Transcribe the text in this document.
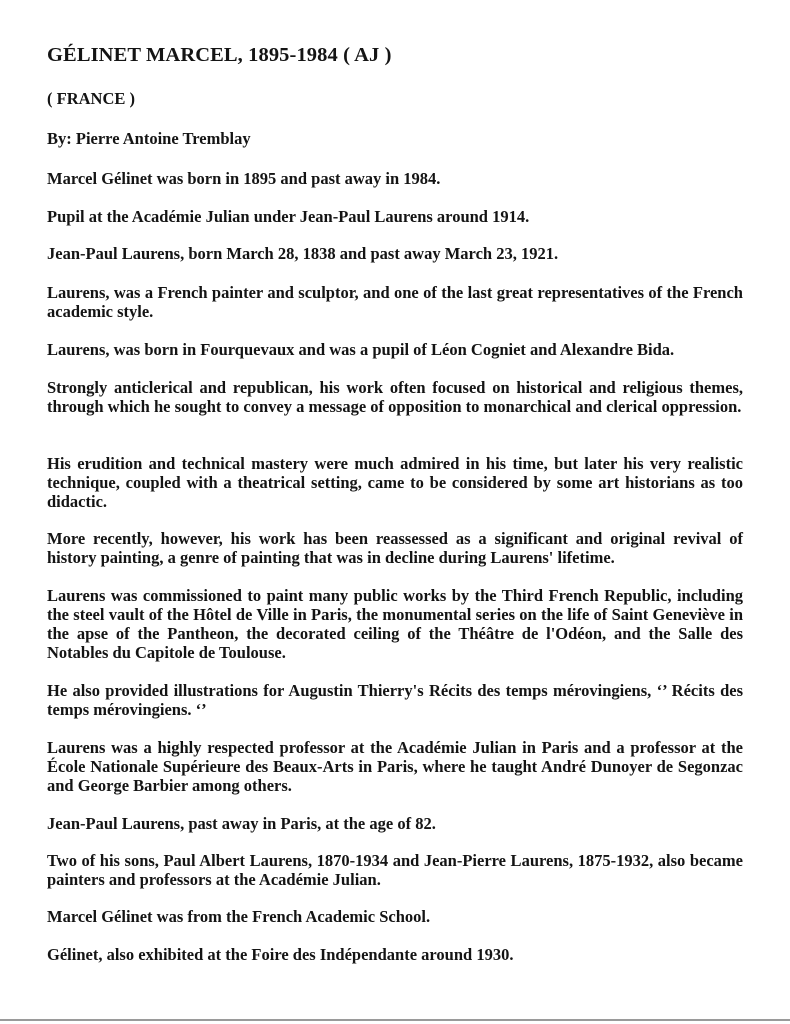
GÉLINET MARCEL, 1895-1984 ( AJ )
( FRANCE )
By: Pierre Antoine Tremblay

Marcel Gélinet was born in 1895 and past away in 1984.

Pupil at the Académie Julian under Jean-Paul Laurens around 1914.

Jean-Paul Laurens, born March 28, 1838 and past away March 23, 1921.

Laurens, was a French painter and sculptor, and one of the last great representatives of the French academic style.

Laurens, was born in Fourquevaux and was a pupil of Léon Cogniet and Alexandre Bida.

Strongly anticlerical and republican, his work often focused on historical and religious themes, through which he sought to convey a message of opposition to monarchical and clerical oppression.

His erudition and technical mastery were much admired in his time, but later his very realistic technique, coupled with a theatrical setting, came to be considered by some art historians as too didactic.

More recently, however, his work has been reassessed as a significant and original revival of history painting, a genre of painting that was in decline during Laurens' lifetime.

Laurens was commissioned to paint many public works by the Third French Republic, including the steel vault of the Hôtel de Ville in Paris, the monumental series on the life of Saint Geneviève in the apse of the Pantheon, the decorated ceiling of the Théâtre de l'Odéon, and the Salle des Notables du Capitole de Toulouse.

He also provided illustrations for Augustin Thierry's Récits des temps mérovingiens, ‘’ Récits des temps mérovingiens. ‘’

Laurens was a highly respected professor at the Académie Julian in Paris and a professor at the École Nationale Supérieure des Beaux-Arts in Paris, where he taught André Dunoyer de Segonzac and George Barbier among others.

Jean-Paul Laurens, past away in Paris, at the age of 82.

Two of his sons, Paul Albert Laurens, 1870-1934 and Jean-Pierre Laurens, 1875-1932, also became painters and professors at the Académie Julian.

Marcel Gélinet was from the French Academic School.

Gélinet, also exhibited at the Foire des Indépendante around 1930.
